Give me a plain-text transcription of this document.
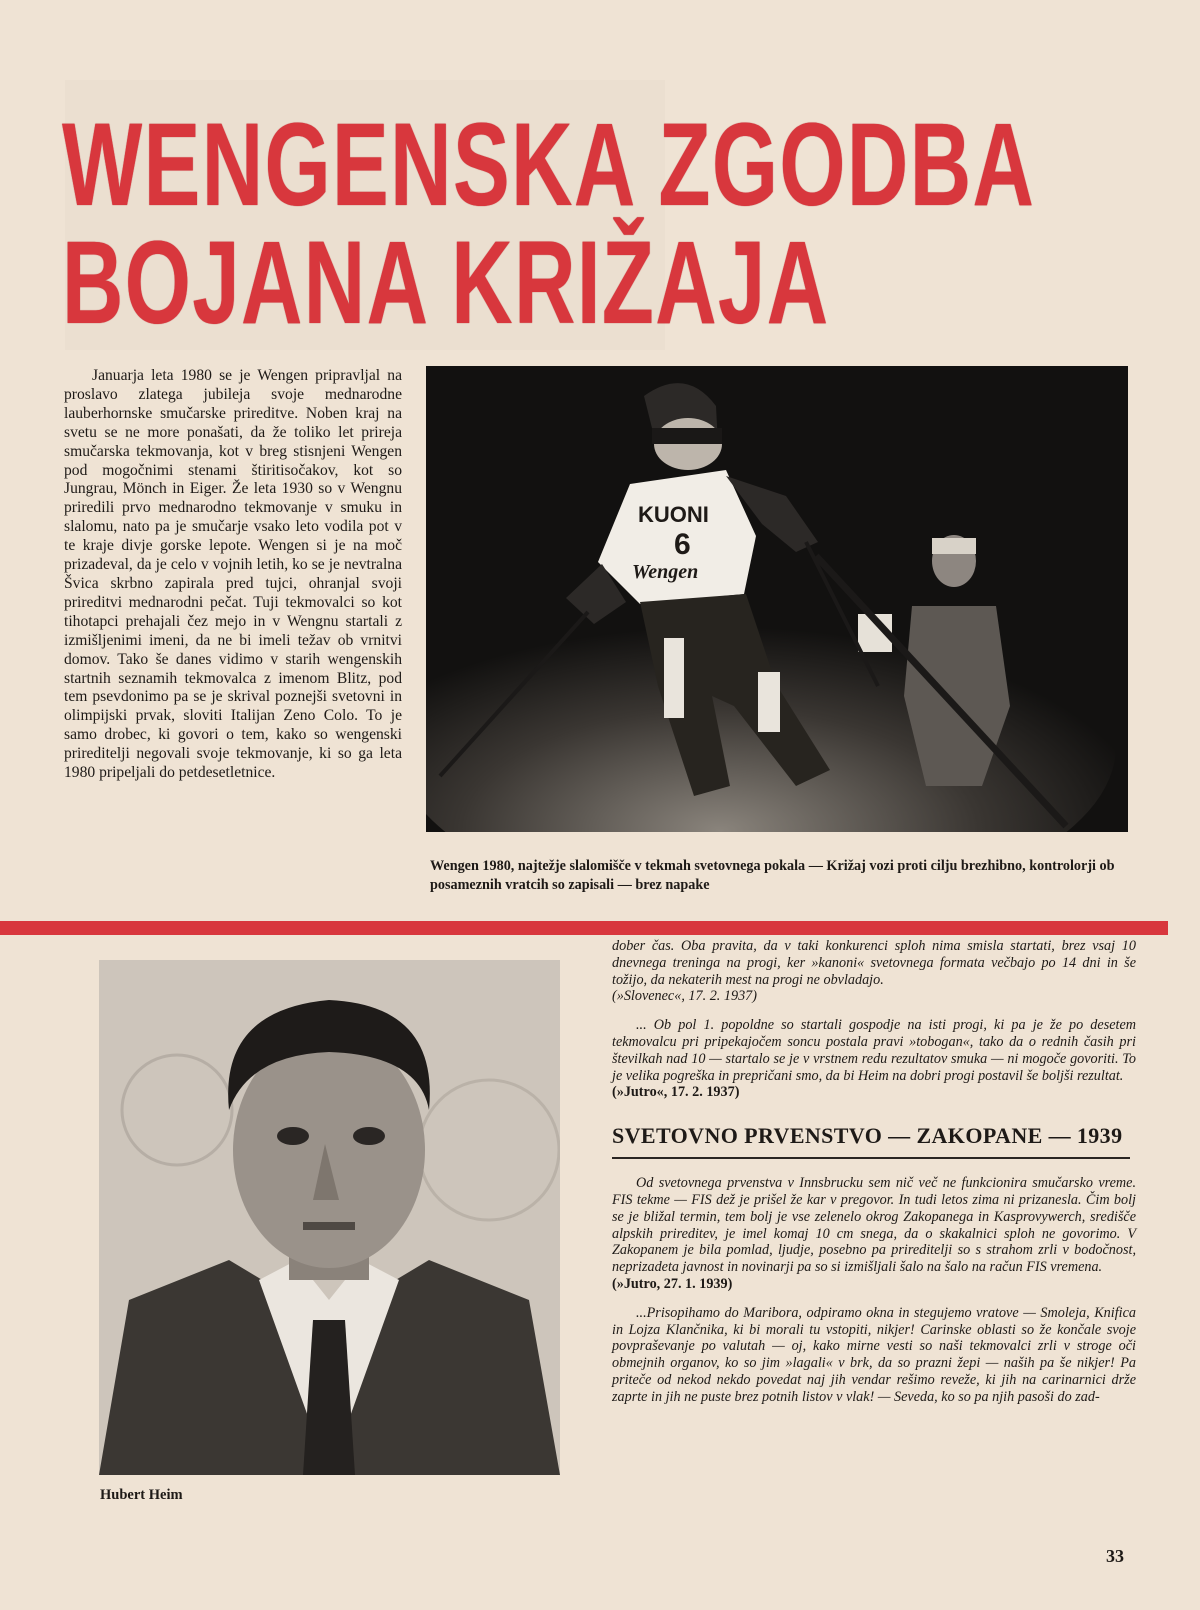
WENGENSKA ZGODBA
BOJANA KRIŽAJA

Januarja leta 1980 se je Wengen pripravljal na proslavo zlatega jubileja svoje mednarodne lauberhornske smučarske prireditve. Noben kraj na svetu se ne more ponašati, da že toliko let prireja smučarska tekmovanja, kot v breg stisnjeni Wengen pod mogočnimi stenami štiritisočakov, kot so Jungrau, Mönch in Eiger. Že leta 1930 so v Wengnu priredili prvo mednarodno tekmovanje v smuku in slalomu, nato pa je smučarje vsako leto vodila pot v te kraje divje gorske lepote. Wengen si je na moč prizadeval, da je celo v vojnih letih, ko se je nevtralna Švica skrbno zapirala pred tujci, ohranjal svoji prireditvi mednarodni pečat. Tuji tekmovalci so kot tihotapci prehajali čez mejo in v Wengnu startali z izmišljenimi imeni, da ne bi imeli težav ob vrnitvi domov. Tako še danes vidimo v starih wengenskih startnih seznamih tekmovalca z imenom Blitz, pod tem psevdonimo pa se je skrival poznejši svetovni in olimpijski prvak, sloviti Italijan Zeno Colo. To je samo drobec, ki govori o tem, kako so wengenski prireditelji negovali svoje tekmovanje, ki so ga leta 1980 pripeljali do petdesetletnice.

KUONI
6
Wengen

Wengen 1980, najtežje slalomišče v tekmah svetovnega pokala — Križaj vozi proti cilju brezhibno, kontrolorji ob posameznih vratcih so zapisali — brez napake

Hubert Heim

dober čas. Oba pravita, da v taki konkurenci sploh nima smisla startati, brez vsaj 10 dnevnega treninga na progi, ker »kanoni« svetovnega formata večbajo po 14 dni in še tožijo, da nekaterih mest na progi ne obvladajo.

(»Slovenec«, 17. 2. 1937)

... Ob pol 1. popoldne so startali gospodje na isti progi, ki pa je že po desetem tekmovalcu pri pripekajočem soncu postala pravi »tobogan«, tako da o rednih časih pri številkah nad 10 — startalo se je v vrstnem redu rezultatov smuka — ni mogoče govoriti. To je velika pogreška in prepričani smo, da bi Heim na dobri progi postavil še boljši rezultat.

(»Jutro«, 17. 2. 1937)

SVETOVNO PRVENSTVO — ZAKOPANE — 1939

Od svetovnega prvenstva v Innsbrucku sem nič več ne funkcionira smučarsko vreme. FIS tekme — FIS dež je prišel že kar v pregovor. In tudi letos zima ni prizanesla. Čim bolj se je bližal termin, tem bolj je vse zelenelo okrog Zakopanega in Kasprovywerch, središče alpskih prireditev, je imel komaj 10 cm snega, da o skakalnici sploh ne govorimo. V Zakopanem je bila pomlad, ljudje, posebno pa prireditelji so s strahom zrli v bodočnost, neprizadeta javnost in novinarji pa so si izmišljali šalo na šalo na račun FIS vremena.

(»Jutro, 27. 1. 1939)

...Prisopihamo do Maribora, odpiramo okna in stegujemo vratove — Smoleja, Knifica in Lojza Klančnika, ki bi morali tu vstopiti, nikjer! Carinske oblasti so že končale svoje povpraševanje po valutah — oj, kako mirne vesti so naši tekmovalci zrli v stroge oči obmejnih organov, ko so jim »lagali« v brk, da so prazni žepi — naših pa še nikjer! Pa priteče od nekod nekdo povedat naj jih vendar rešimo reveže, ki jih na carinarnici drže zaprte in jih ne puste brez potnih listov v vlak! — Seveda, ko so pa njih pasoši do zad-

33
